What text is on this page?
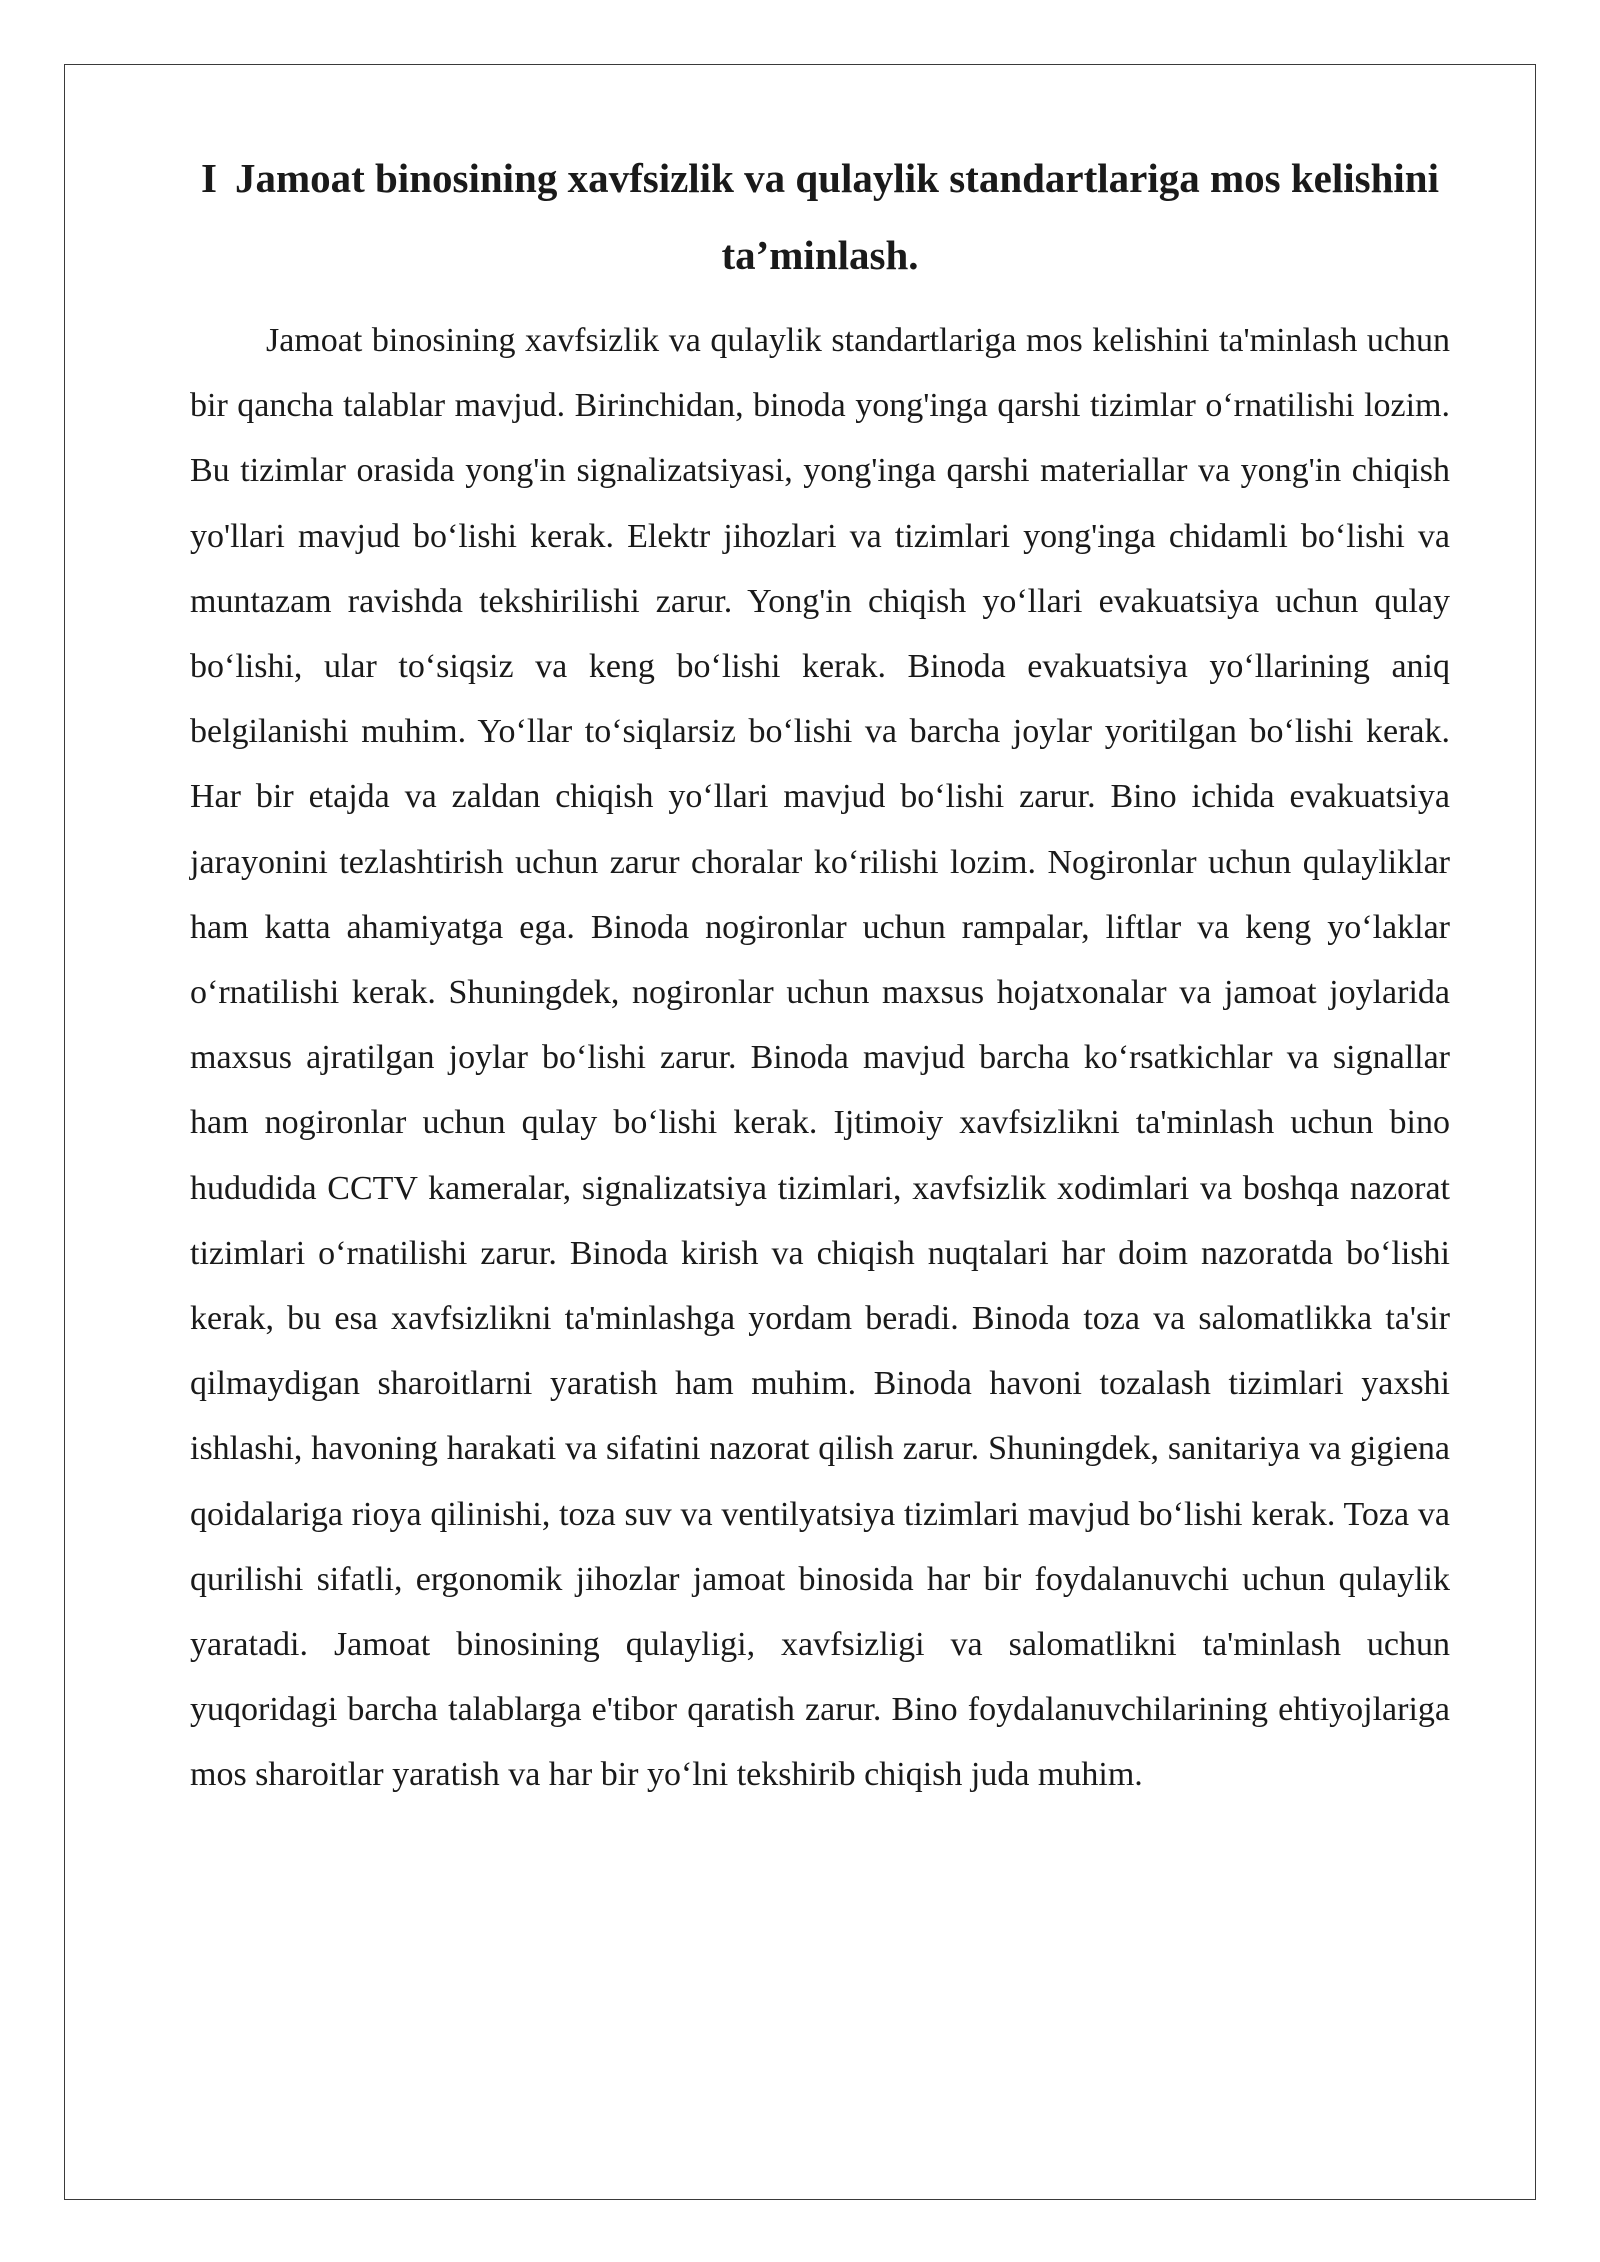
I Jamoat binosining xavfsizlik va qulaylik standartlariga mos kelishini ta’minlash.

Jamoat binosining xavfsizlik va qulaylik standartlariga mos kelishini ta'minlash uchun bir qancha talablar mavjud. Birinchidan, binoda yong'inga qarshi tizimlar o‘rnatilishi lozim. Bu tizimlar orasida yong'in signalizatsiyasi, yong'inga qarshi materiallar va yong'in chiqish yo'llari mavjud bo‘lishi kerak. Elektr jihozlari va tizimlari yong'inga chidamli bo‘lishi va muntazam ravishda tekshirilishi zarur. Yong'in chiqish yo‘llari evakuatsiya uchun qulay bo‘lishi, ular to‘siqsiz va keng bo‘lishi kerak. Binoda evakuatsiya yo‘llarining aniq belgilanishi muhim. Yo‘llar to‘siqlarsiz bo‘lishi va barcha joylar yoritilgan bo‘lishi kerak. Har bir etajda va zaldan chiqish yo‘llari mavjud bo‘lishi zarur. Bino ichida evakuatsiya jarayonini tezlashtirish uchun zarur choralar ko‘rilishi lozim. Nogironlar uchun qulayliklar ham katta ahamiyatga ega. Binoda nogironlar uchun rampalar, liftlar va keng yo‘laklar o‘rnatilishi kerak. Shuningdek, nogironlar uchun maxsus hojatxonalar va jamoat joylarida maxsus ajratilgan joylar bo‘lishi zarur. Binoda mavjud barcha ko‘rsatkichlar va signallar ham nogironlar uchun qulay bo‘lishi kerak. Ijtimoiy xavfsizlikni ta'minlash uchun bino hududida CCTV kameralar, signalizatsiya tizimlari, xavfsizlik xodimlari va boshqa nazorat tizimlari o‘rnatilishi zarur. Binoda kirish va chiqish nuqtalari har doim nazoratda bo‘lishi kerak, bu esa xavfsizlikni ta'minlashga yordam beradi. Binoda toza va salomatlikka ta'sir qilmaydigan sharoitlarni yaratish ham muhim. Binoda havoni tozalash tizimlari yaxshi ishlashi, havoning harakati va sifatini nazorat qilish zarur. Shuningdek, sanitariya va gigiena qoidalariga rioya qilinishi, toza suv va ventilyatsiya tizimlari mavjud bo‘lishi kerak. Toza va qurilishi sifatli, ergonomik jihozlar jamoat binosida har bir foydalanuvchi uchun qulaylik yaratadi. Jamoat binosining qulayligi, xavfsizligi va salomatlikni ta'minlash uchun yuqoridagi barcha talablarga e'tibor qaratish zarur. Bino foydalanuvchilarining ehtiyojlariga mos sharoitlar yaratish va har bir yo‘lni tekshirib chiqish juda muhim.
